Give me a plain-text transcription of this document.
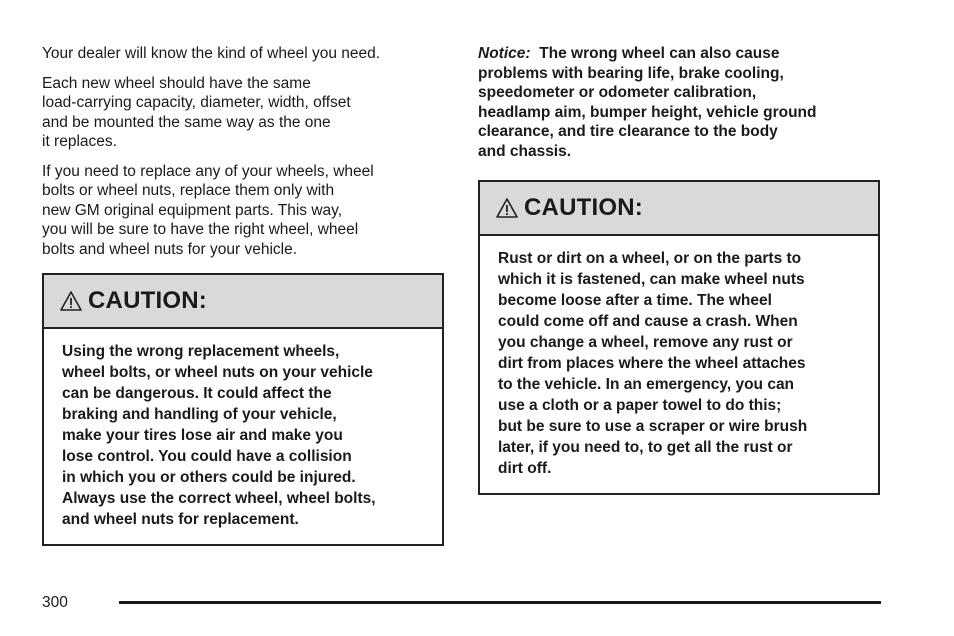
Your dealer will know the kind of wheel you need.

Each new wheel should have the same
load-carrying capacity, diameter, width, offset
and be mounted the same way as the one
it replaces.

If you need to replace any of your wheels, wheel
bolts or wheel nuts, replace them only with
new GM original equipment parts. This way,
you will be sure to have the right wheel, wheel
bolts and wheel nuts for your vehicle.

CAUTION:
Using the wrong replacement wheels,
wheel bolts, or wheel nuts on your vehicle
can be dangerous. It could affect the
braking and handling of your vehicle,
make your tires lose air and make you
lose control. You could have a collision
in which you or others could be injured.
Always use the correct wheel, wheel bolts,
and wheel nuts for replacement.

Notice: The wrong wheel can also cause
problems with bearing life, brake cooling,
speedometer or odometer calibration,
headlamp aim, bumper height, vehicle ground
clearance, and tire clearance to the body
and chassis.

CAUTION:
Rust or dirt on a wheel, or on the parts to
which it is fastened, can make wheel nuts
become loose after a time. The wheel
could come off and cause a crash. When
you change a wheel, remove any rust or
dirt from places where the wheel attaches
to the vehicle. In an emergency, you can
use a cloth or a paper towel to do this;
but be sure to use a scraper or wire brush
later, if you need to, to get all the rust or
dirt off.
300
